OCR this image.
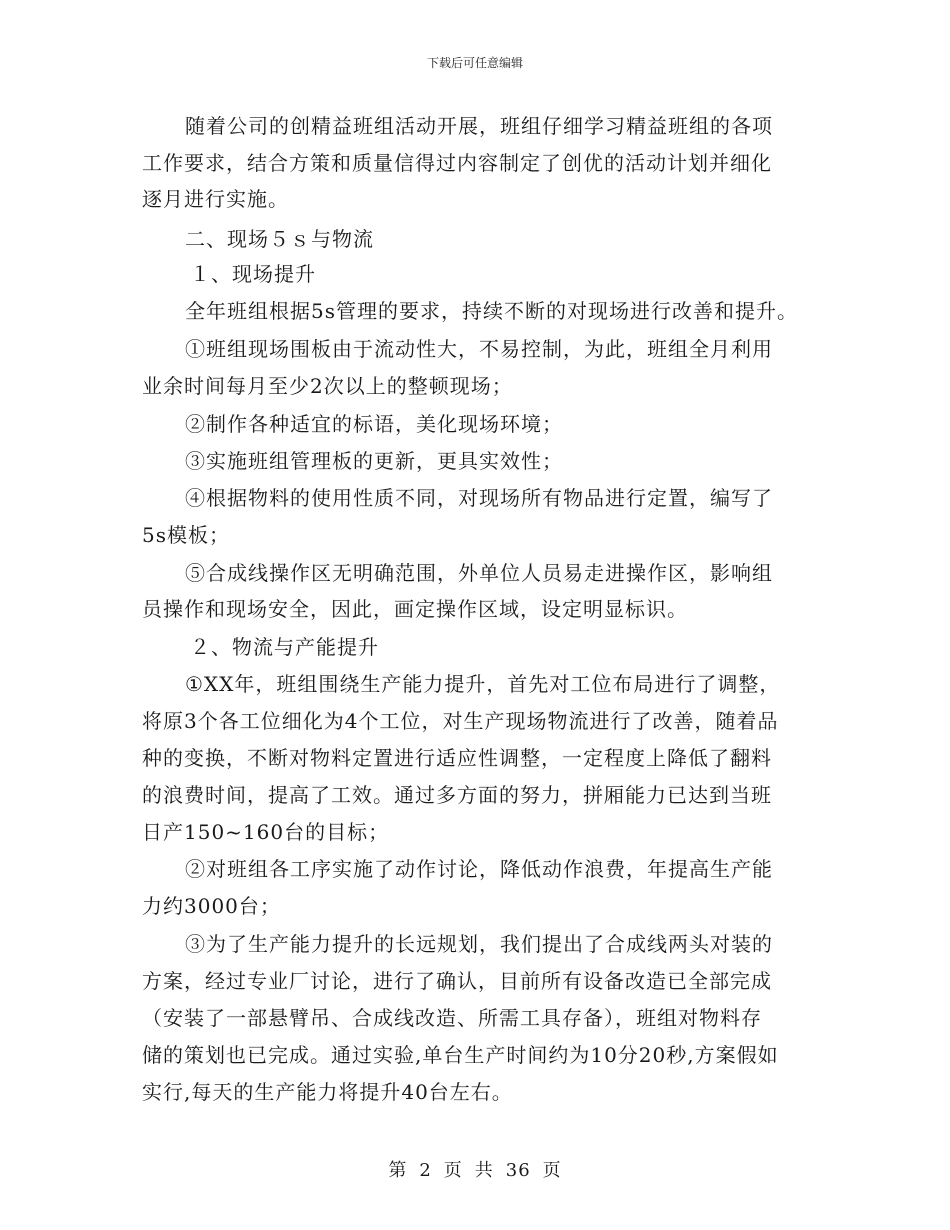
下载后可任意编辑
随着公司的创精益班组活动开展，班组仔细学习精益班组的各项
工作要求，结合方策和质量信得过内容制定了创优的活动计划并细化
逐月进行实施。
二、现场５ｓ与物流
１、现场提升
全年班组根据5s管理的要求，持续不断的对现场进行改善和提升。
①班组现场围板由于流动性大，不易控制，为此，班组全月利用
业余时间每月至少2次以上的整顿现场；
②制作各种适宜的标语，美化现场环境；
③实施班组管理板的更新，更具实效性；
④根据物料的使用性质不同，对现场所有物品进行定置，编写了
5s模板；
⑤合成线操作区无明确范围，外单位人员易走进操作区，影响组
员操作和现场安全，因此，画定操作区域，设定明显标识。
２、物流与产能提升
①XX年，班组围绕生产能力提升，首先对工位布局进行了调整，
将原3个各工位细化为4个工位，对生产现场物流进行了改善，随着品
种的变换，不断对物料定置进行适应性调整，一定程度上降低了翻料
的浪费时间，提高了工效。通过多方面的努力，拼厢能力已达到当班
日产150~160台的目标；
②对班组各工序实施了动作讨论，降低动作浪费，年提高生产能
力约3000台；
③为了生产能力提升的长远规划，我们提出了合成线两头对装的
方案，经过专业厂讨论，进行了确认，目前所有设备改造已全部完成
（安装了一部悬臂吊、合成线改造、所需工具存备），班组对物料存
储的策划也已完成。通过实验,单台生产时间约为10分20秒,方案假如
实行,每天的生产能力将提升40台左右。
第 2 页 共 36 页
